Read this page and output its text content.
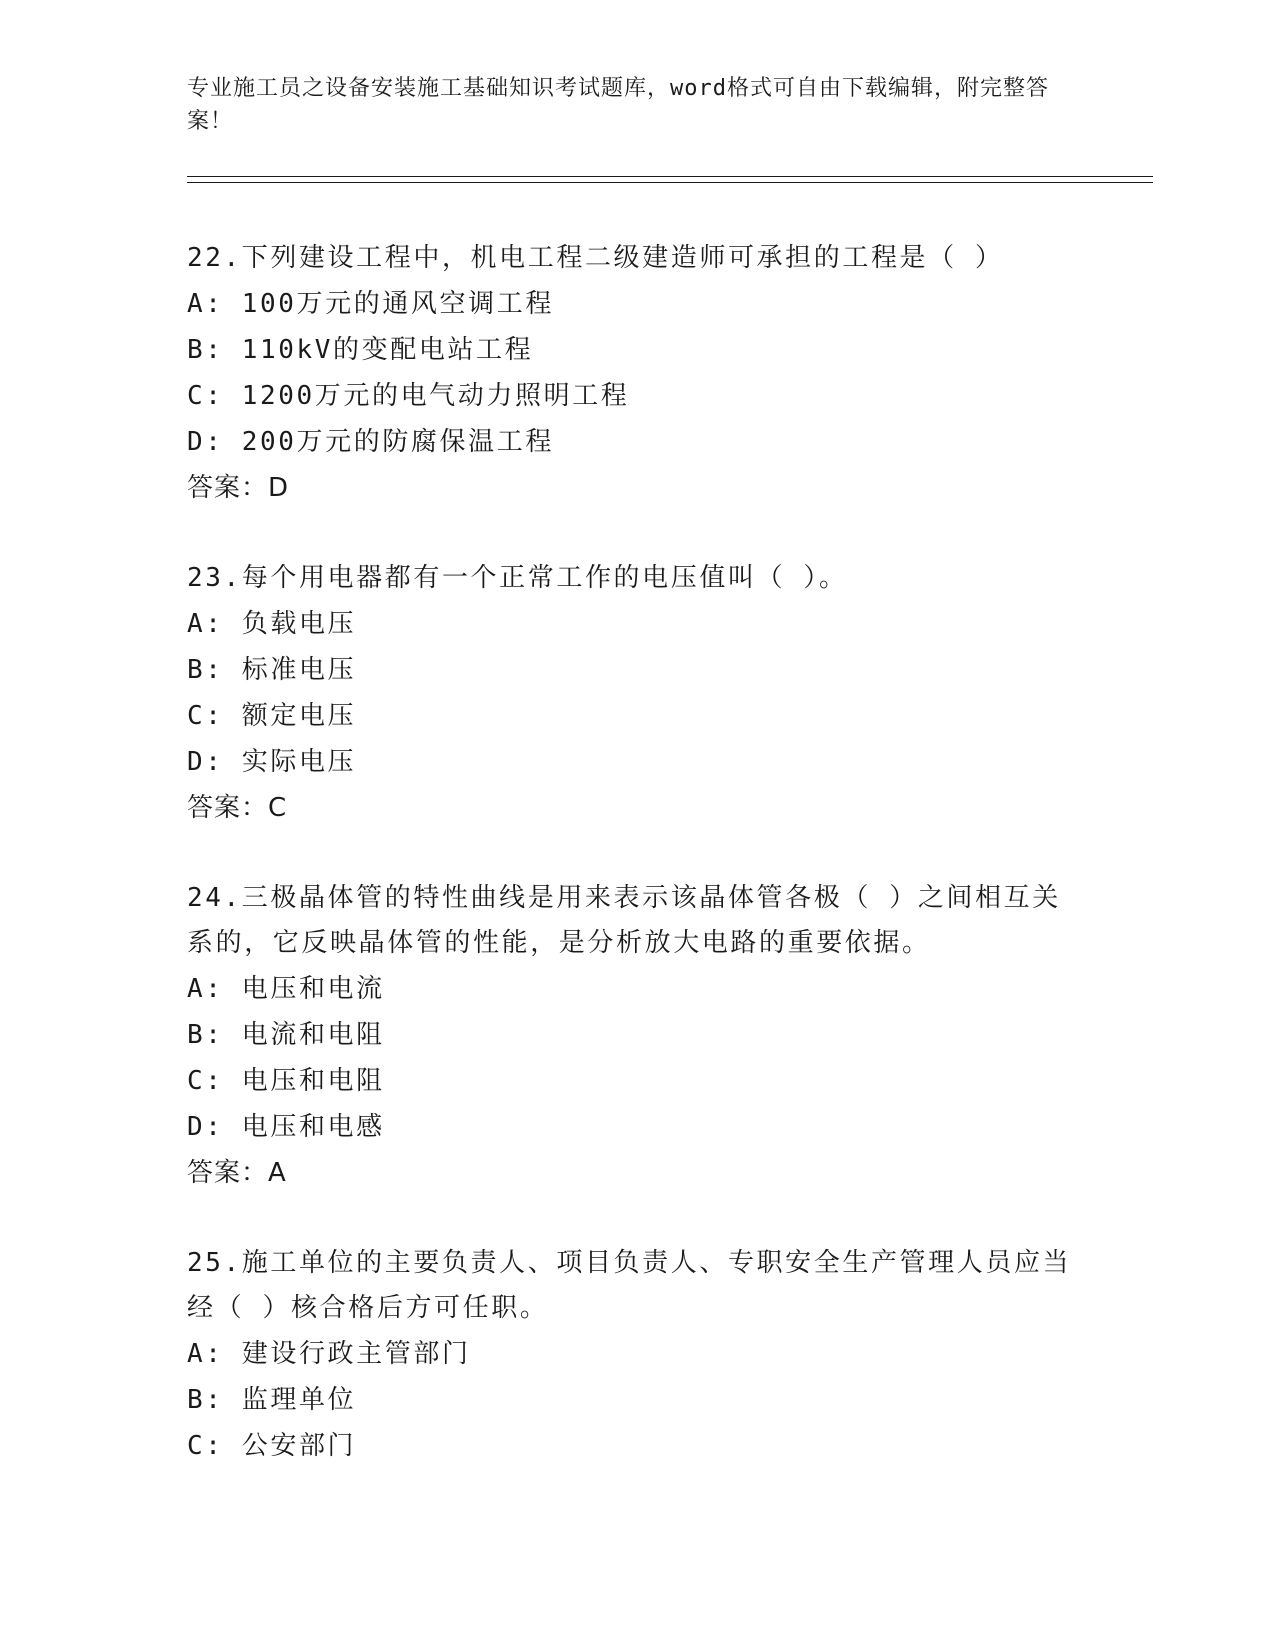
专业施工员之设备安装施工基础知识考试题库，word格式可自由下载编辑，附完整答案！
22.下列建设工程中，机电工程二级建造师可承担的工程是（ ）
A: 100万元的通风空调工程
B: 110kV的变配电站工程
C: 1200万元的电气动力照明工程
D: 200万元的防腐保温工程
答案：D
23.每个用电器都有一个正常工作的电压值叫（ ）。
A: 负载电压
B: 标准电压
C: 额定电压
D: 实际电压
答案：C
24.三极晶体管的特性曲线是用来表示该晶体管各极（ ）之间相互关系的，它反映晶体管的性能，是分析放大电路的重要依据。
A: 电压和电流
B: 电流和电阻
C: 电压和电阻
D: 电压和电感
答案：A
25.施工单位的主要负责人、项目负责人、专职安全生产管理人员应当经（ ）核合格后方可任职。
A: 建设行政主管部门
B: 监理单位
C: 公安部门
